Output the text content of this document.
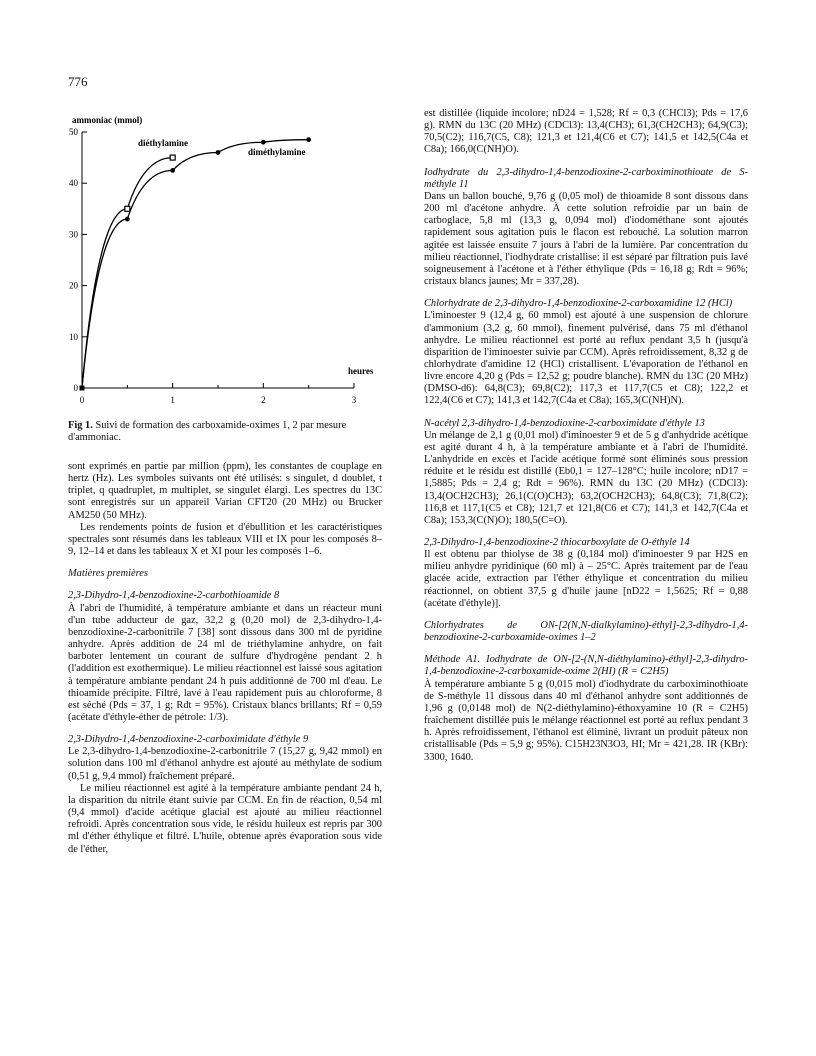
776
ammoniac (mmol)
0
10
20
30
40
50
0	1	2	3
diéthylamine
diméthylamine
heures
Fig 1. Suivi de formation des carboxamide-oximes 1, 2 par mesure d'ammoniac.

sont exprimés en partie par million (ppm), les constantes de couplage en hertz (Hz). Les symboles suivants ont été utilisés: s singulet, d doublet, t triplet, q quadruplet, m multiplet, se singulet élargi. Les spectres du 13C sont enregistrés sur un appareil Varian CFT20 (20 MHz) ou Brucker AM250 (50 MHz).

Les rendements points de fusion et d'ébullition et les caractéristiques spectrales sont résumés dans les tableaux VIII et IX pour les composés 8–9, 12–14 et dans les tableaux X et XI pour les composés 1–6.

Matières premières

2,3-Dihydro-1,4-benzodioxine-2-carbothioamide 8

À l'abri de l'humidité, à température ambiante et dans un réacteur muni d'un tube adducteur de gaz, 32,2 g (0,20 mol) de 2,3-dihydro-1,4-benzodioxine-2-carbonitrile 7 [38] sont dissous dans 300 ml de pyridine anhydre. Après addition de 24 ml de triéthylamine anhydre, on fait barboter lentement un courant de sulfure d'hydrogène pendant 2 h (l'addition est exothermique). Le milieu réactionnel est laissé sous agitation à température ambiante pendant 24 h puis additionné de 700 ml d'eau. Le thioamide précipite. Filtré, lavé à l'eau rapidement puis au chloroforme, 8 est séché (Pds = 37, 1 g; Rdt = 95%). Cristaux blancs brillants; Rf = 0,59 (acétate d'éthyle-éther de pétrole: 1/3).

2,3-Dihydro-1,4-benzodioxine-2-carboximidate d'éthyle 9

Le 2,3-dihydro-1,4-benzodioxine-2-carbonitrile 7 (15,27 g, 9,42 mmol) en solution dans 100 ml d'éthanol anhydre est ajouté au méthylate de sodium (0,51 g, 9,4 mmol) fraîchement préparé.

Le milieu réactionnel est agité à la température ambiante pendant 24 h, la disparition du nitrile étant suivie par CCM. En fin de réaction, 0,54 ml (9,4 mmol) d'acide acétique glacial est ajouté au milieu réactionnel refroidi. Après concentration sous vide, le résidu huileux est repris par 300 ml d'éther éthylique et filtré. L'huile, obtenue après évaporation sous vide de l'éther,

est distillée (liquide incolore; nD24 = 1,528; Rf = 0,3 (CHCl3); Pds = 17,6 g). RMN du 13C (20 MHz) (CDCl3): 13,4(CH3); 61,3(CH2CH3); 64,9(C3); 70,5(C2); 116,7(C5, C8); 121,3 et 121,4(C6 et C7); 141,5 et 142,5(C4a et C8a); 166,0(C(NH)O).

Iodhydrate du 2,3-dihydro-1,4-benzodioxine-2-carboximinothioate de S-méthyle 11

Dans un ballon bouché, 9,76 g (0,05 mol) de thioamide 8 sont dissous dans 200 ml d'acétone anhydre. À cette solution refroidie par un bain de carboglace, 5,8 ml (13,3 g, 0,094 mol) d'iodométhane sont ajoutés rapidement sous agitation puis le flacon est rebouché. La solution marron agitée est laissée ensuite 7 jours à l'abri de la lumière. Par concentration du milieu réactionnel, l'iodhydrate cristallise: il est séparé par filtration puis lavé soigneusement à l'acétone et à l'éther éthylique (Pds = 16,18 g; Rdt = 96%; cristaux blancs jaunes; Mr = 337,28).

Chlorhydrate de 2,3-dihydro-1,4-benzodioxine-2-carboxamidine 12 (HCl)

L'iminoester 9 (12,4 g, 60 mmol) est ajouté à une suspension de chlorure d'ammonium (3,2 g, 60 mmol), finement pulvérisé, dans 75 ml d'éthanol anhydre. Le milieu réactionnel est porté au reflux pendant 3,5 h (jusqu'à disparition de l'iminoester suivie par CCM). Après refroidissement, 8,32 g de chlorhydrate d'amidine 12 (HCl) cristallisent. L'évaporation de l'éthanol en livre encore 4,20 g (Pds = 12,52 g; poudre blanche). RMN du 13C (20 MHz) (DMSO-d6): 64,8(C3); 69,8(C2); 117,3 et 117,7(C5 et C8); 122,2 et 122,4(C6 et C7); 141,3 et 142,7(C4a et C8a); 165,3(C(NH)N).

N-acétyl 2,3-dihydro-1,4-benzodioxine-2-carboximidate d'éthyle 13

Un mélange de 2,1 g (0,01 mol) d'iminoester 9 et de 5 g d'anhydride acétique est agité durant 4 h, à la température ambiante et à l'abri de l'humidité. L'anhydride en excès et l'acide acétique formé sont éliminés sous pression réduite et le résidu est distillé (Eb0,1 = 127–128°C; huile incolore; nD17 = 1,5885; Pds = 2,4 g; Rdt = 96%). RMN du 13C (20 MHz) (CDCl3): 13,4(OCH2CH3); 26,1(C(O)CH3); 63,2(OCH2CH3); 64,8(C3); 71,8(C2); 116,8 et 117,1(C5 et C8); 121,7 et 121,8(C6 et C7); 141,3 et 142,7(C4a et C8a); 153,3(C(N)O); 180,5(C=O).

2,3-Dihydro-1,4-benzodioxine-2 thiocarboxylate de O-éthyle 14

Il est obtenu par thiolyse de 38 g (0,184 mol) d'iminoester 9 par H2S en milieu anhydre pyridinique (60 ml) à – 25°C. Après traitement par de l'eau glacée acide, extraction par l'éther éthylique et concentration du milieu réactionnel, on obtient 37,5 g d'huile jaune [nD22 = 1,5625; Rf = 0,88 (acétate d'éthyle)].

Chlorhydrates de ON-[2(N,N-dialkylamino)-éthyl]-2,3-dihydro-1,4-benzodioxine-2-carboxamide-oximes 1–2

Méthode A1. Iodhydrate de ON-[2-(N,N-diéthylamino)-éthyl]-2,3-dihydro-1,4-benzodioxine-2-carboxamide-oxime 2(HI) (R = C2H5)

À température ambiante 5 g (0,015 mol) d'iodhydrate du carboximinothioate de S-méthyle 11 dissous dans 40 ml d'éthanol anhydre sont additionnés de 1,96 g (0,0148 mol) de N(2-diéthylamino)-éthoxyamine 10 (R = C2H5) fraîchement distillée puis le mélange réactionnel est porté au reflux pendant 3 h. Après refroidissement, l'éthanol est éliminé, livrant un produit pâteux non cristallisable (Pds = 5,9 g; 95%). C15H23N3O3, HI; Mr = 421,28. IR (KBr): 3300, 1640.
